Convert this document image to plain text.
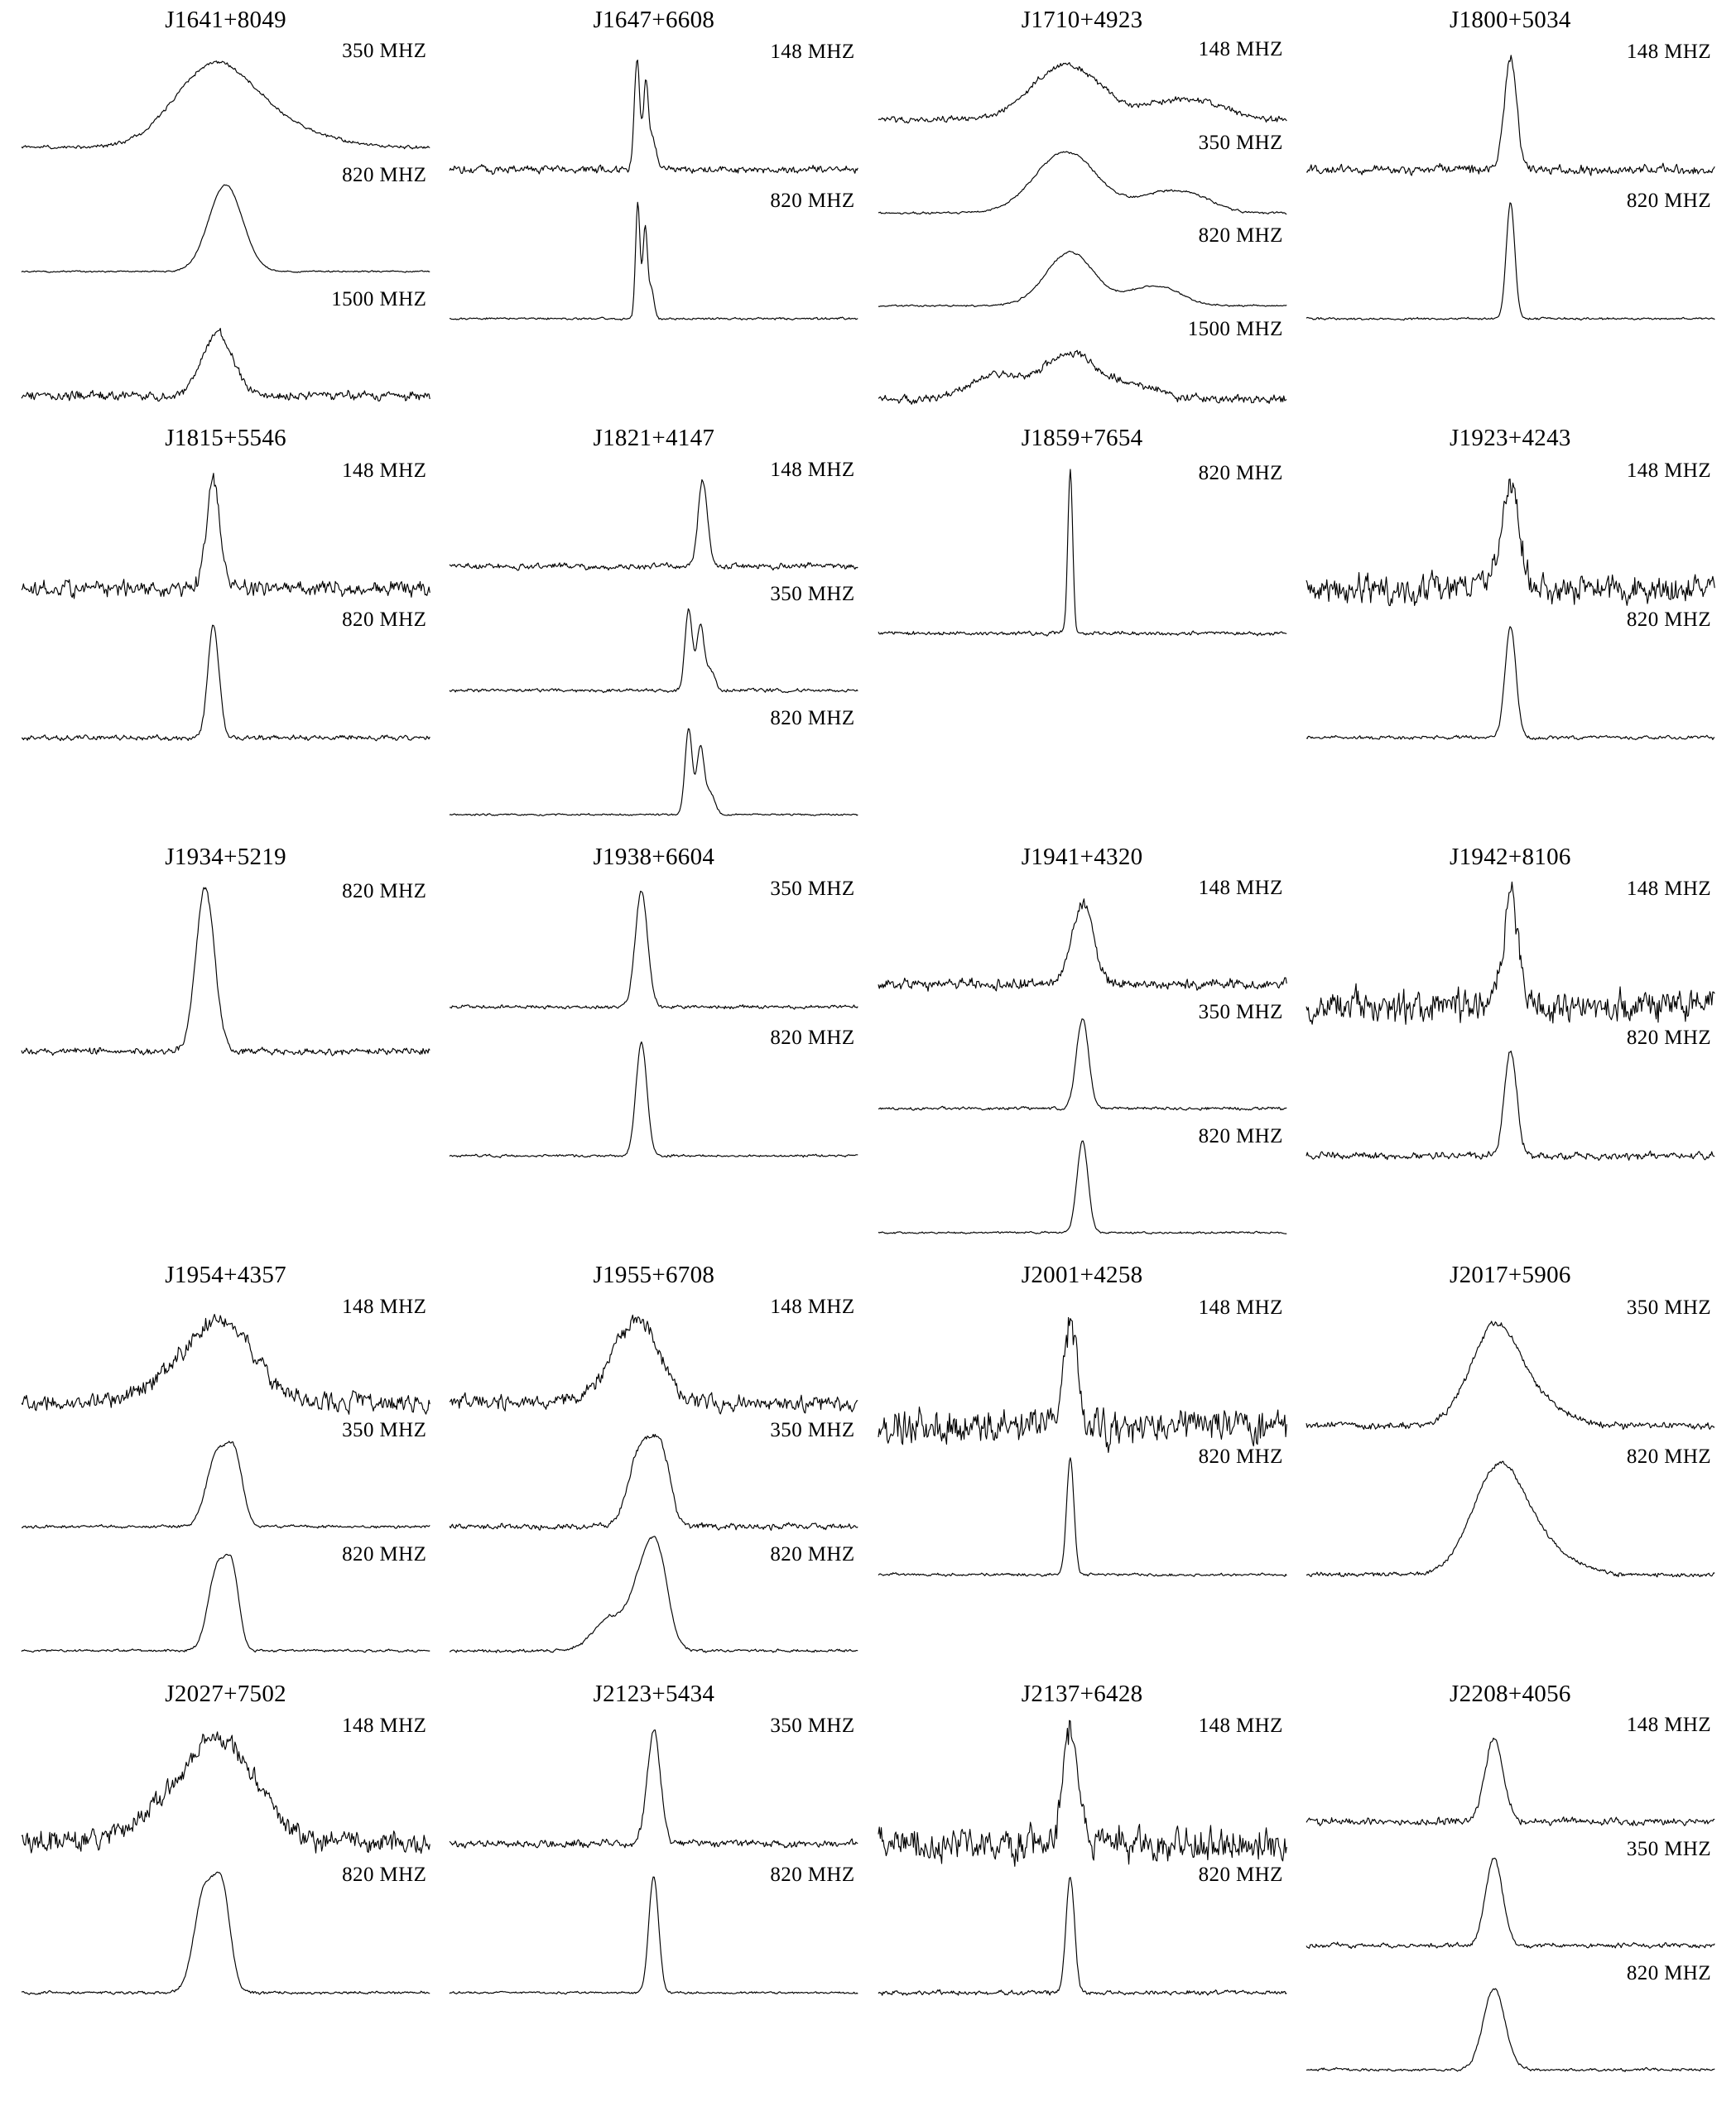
J1641+8049
350 MHZ
820 MHZ
1500 MHZ
J1647+6608
148 MHZ
820 MHZ
J1710+4923
148 MHZ
350 MHZ
820 MHZ
1500 MHZ
J1800+5034
148 MHZ
820 MHZ
J1815+5546
148 MHZ
820 MHZ
J1821+4147
148 MHZ
350 MHZ
820 MHZ
J1859+7654
820 MHZ
J1923+4243
148 MHZ
820 MHZ
J1934+5219
820 MHZ
J1938+6604
350 MHZ
820 MHZ
J1941+4320
148 MHZ
350 MHZ
820 MHZ
J1942+8106
148 MHZ
820 MHZ
J1954+4357
148 MHZ
350 MHZ
820 MHZ
J1955+6708
148 MHZ
350 MHZ
820 MHZ
J2001+4258
148 MHZ
820 MHZ
J2017+5906
350 MHZ
820 MHZ
J2027+7502
148 MHZ
820 MHZ
J2123+5434
350 MHZ
820 MHZ
J2137+6428
148 MHZ
820 MHZ
J2208+4056
148 MHZ
350 MHZ
820 MHZ
